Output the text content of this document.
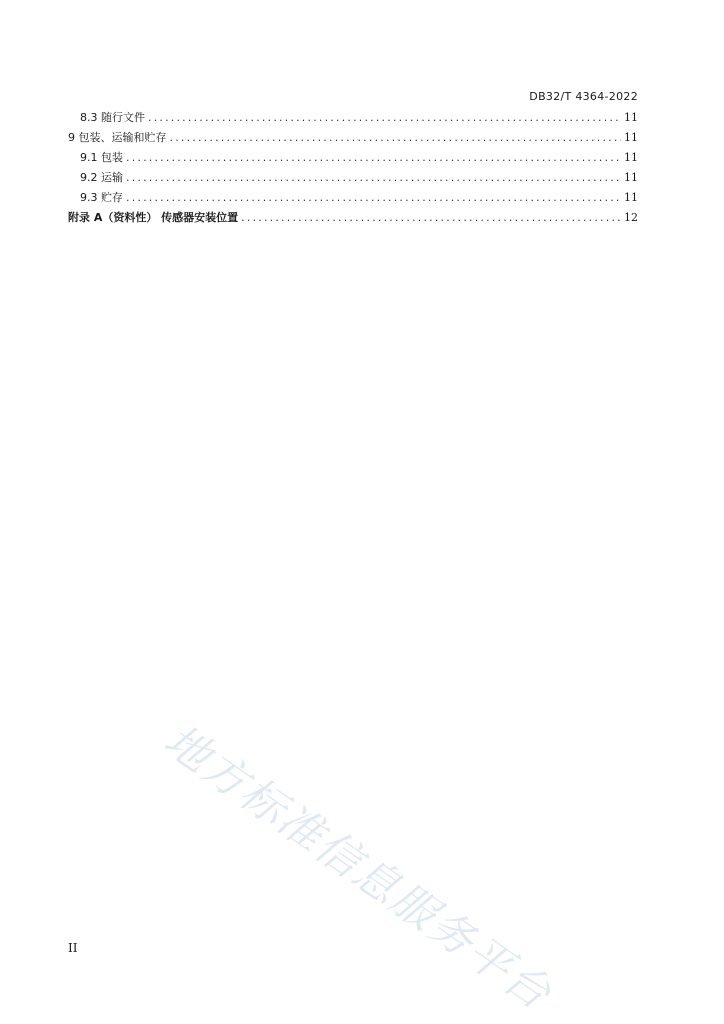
DB32/T 4364-2022
8.3 随行文件 .....	11
9 包装、运输和贮存 .....	11
9.1 包装 .....	11
9.2 运输 .....	11
9.3 贮存 .....	11
附录 A（资料性） 传感器安装位置 .....	12
地方标准信息服务平台
II
